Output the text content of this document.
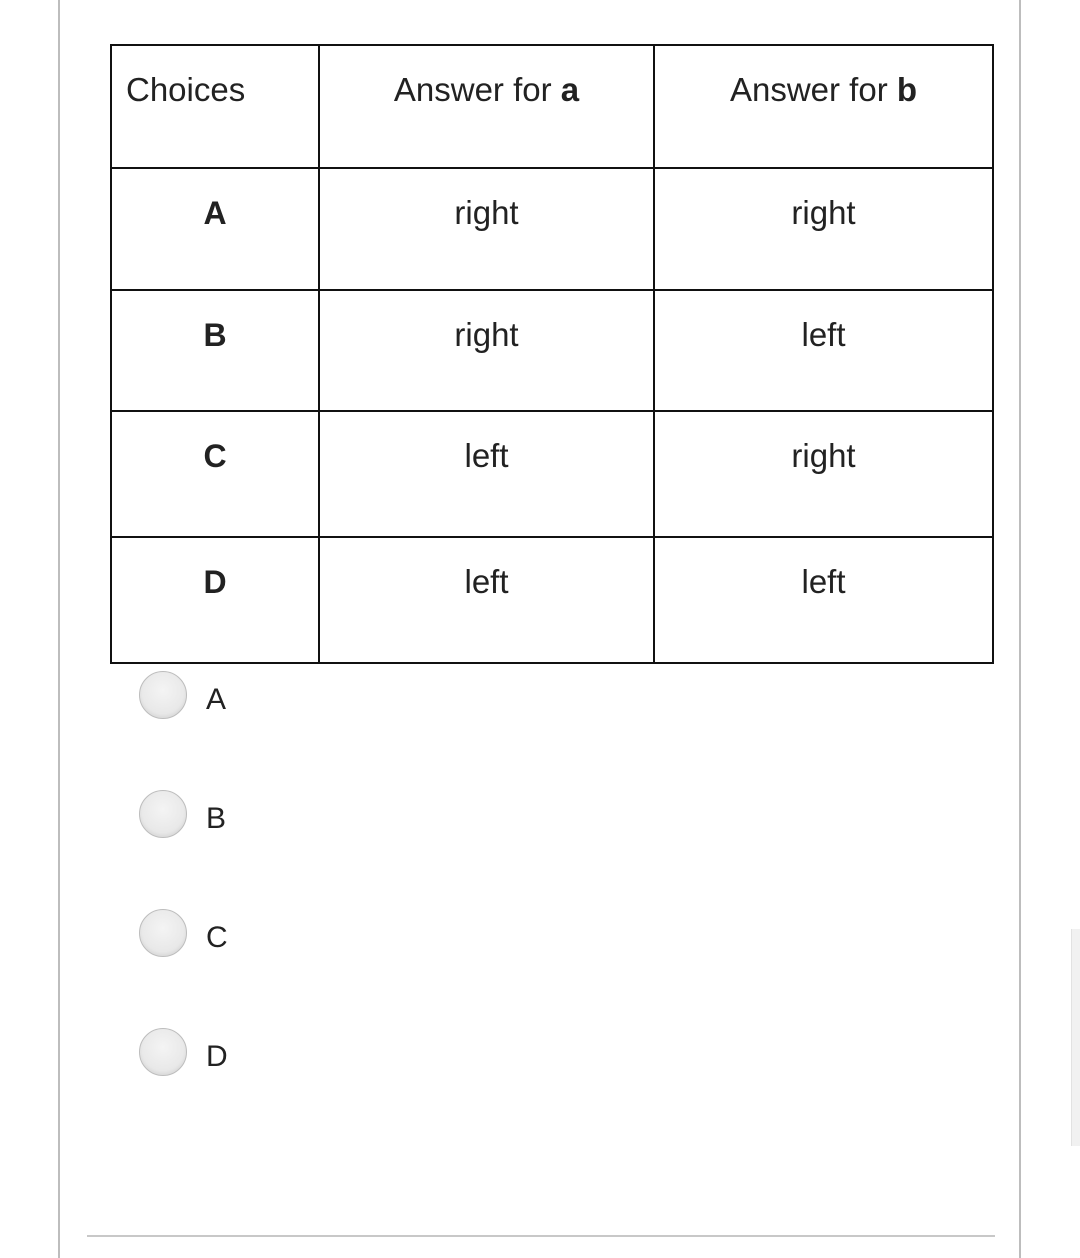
Choices	Answer for a	Answer for b

A	right	right

B	right	left

C	left	right

D	left	left
A
B
C
D
